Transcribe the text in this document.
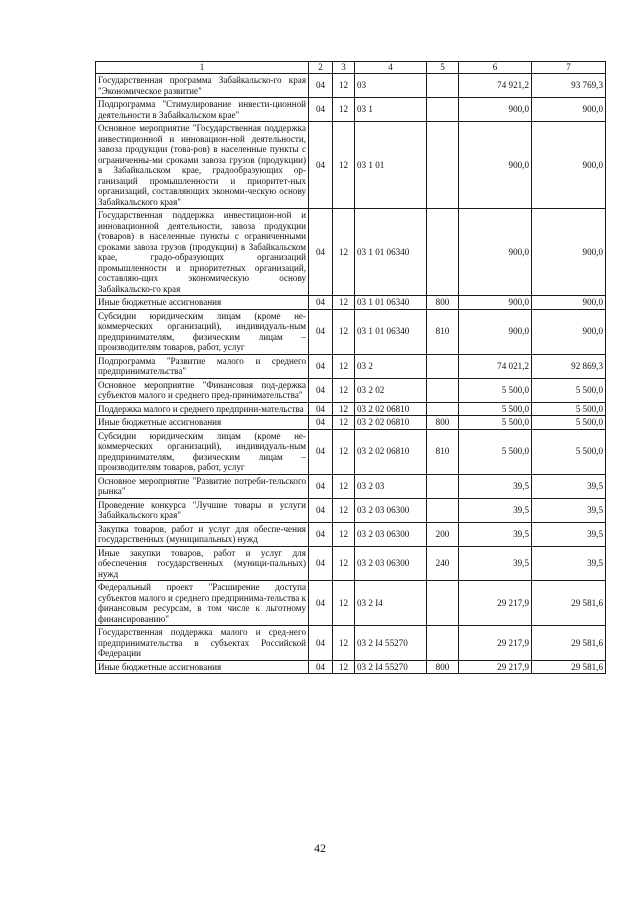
1	2	3	4	5	6	7
Государственная программа Забайкальско-го края "Экономическое развитие"	04	12	03		74 921,2	93 769,3
Подпрограмма "Стимулирование инвести-ционной деятельности в Забайкальском крае"	04	12	03 1		900,0	900,0
Основное мероприятие "Государственная поддержка инвестиционной и инновацион-ной деятельности, завоза продукции (това-ров) в населенные пункты с ограниченны-ми сроками завоза грузов (продукции) в Забайкальском крае, градообразующих ор-ганизаций промышленности и приоритет-ных организаций, составляющих экономи-ческую основу Забайкальского края"	04	12	03 1 01		900,0	900,0
Государственная поддержка инвестицион-ной и инновационной деятельности, завоза продукции (товаров) в населенные пункты с ограниченными сроками завоза грузов (продукции) в Забайкальском крае, градо-образующих организаций промышленности и приоритетных организаций, составляю-щих экономическую основу Забайкальско-го края	04	12	03 1 01 06340		900,0	900,0
Иные бюджетные ассигнования	04	12	03 1 01 06340	800	900,0	900,0
Субсидии юридическим лицам (кроме не-коммерческих организаций), индивидуаль-ным предпринимателям, физическим лицам – производителям товаров, работ, услуг	04	12	03 1 01 06340	810	900,0	900,0
Подпрограмма "Развитие малого и среднего предпринимательства"	04	12	03 2		74 021,2	92 869,3
Основное мероприятие "Финансовая под-держка субъектов малого и среднего пред-принимательства"	04	12	03 2 02		5 500,0	5 500,0
Поддержка малого и среднего предприни-мательства	04	12	03 2 02 06810		5 500,0	5 500,0
Иные бюджетные ассигнования	04	12	03 2 02 06810	800	5 500,0	5 500,0
Субсидии юридическим лицам (кроме не-коммерческих организаций), индивидуаль-ным предпринимателям, физическим лицам – производителям товаров, работ, услуг	04	12	03 2 02 06810	810	5 500,0	5 500,0
Основное мероприятие "Развитие потреби-тельского рынка"	04	12	03 2 03		39,5	39,5
Проведение конкурса "Лучшие товары и услуги Забайкальского края"	04	12	03 2 03 06300		39,5	39,5
Закупка товаров, работ и услуг для обеспе-чения государственных (муниципальных) нужд	04	12	03 2 03 06300	200	39,5	39,5
Иные закупки товаров, работ и услуг для обеспечения государственных (муници-пальных) нужд	04	12	03 2 03 06300	240	39,5	39,5
Федеральный проект "Расширение доступа субъектов малого и среднего предпринима-тельства к финансовым ресурсам, в том числе к льготному финансированию"	04	12	03 2 I4		29 217,9	29 581,6
Государственная поддержка малого и сред-него предпринимательства в субъектах Российской Федерации	04	12	03 2 I4 55270		29 217,9	29 581,6
Иные бюджетные ассигнования	04	12	03 2 I4 55270	800	29 217,9	29 581,6
42
